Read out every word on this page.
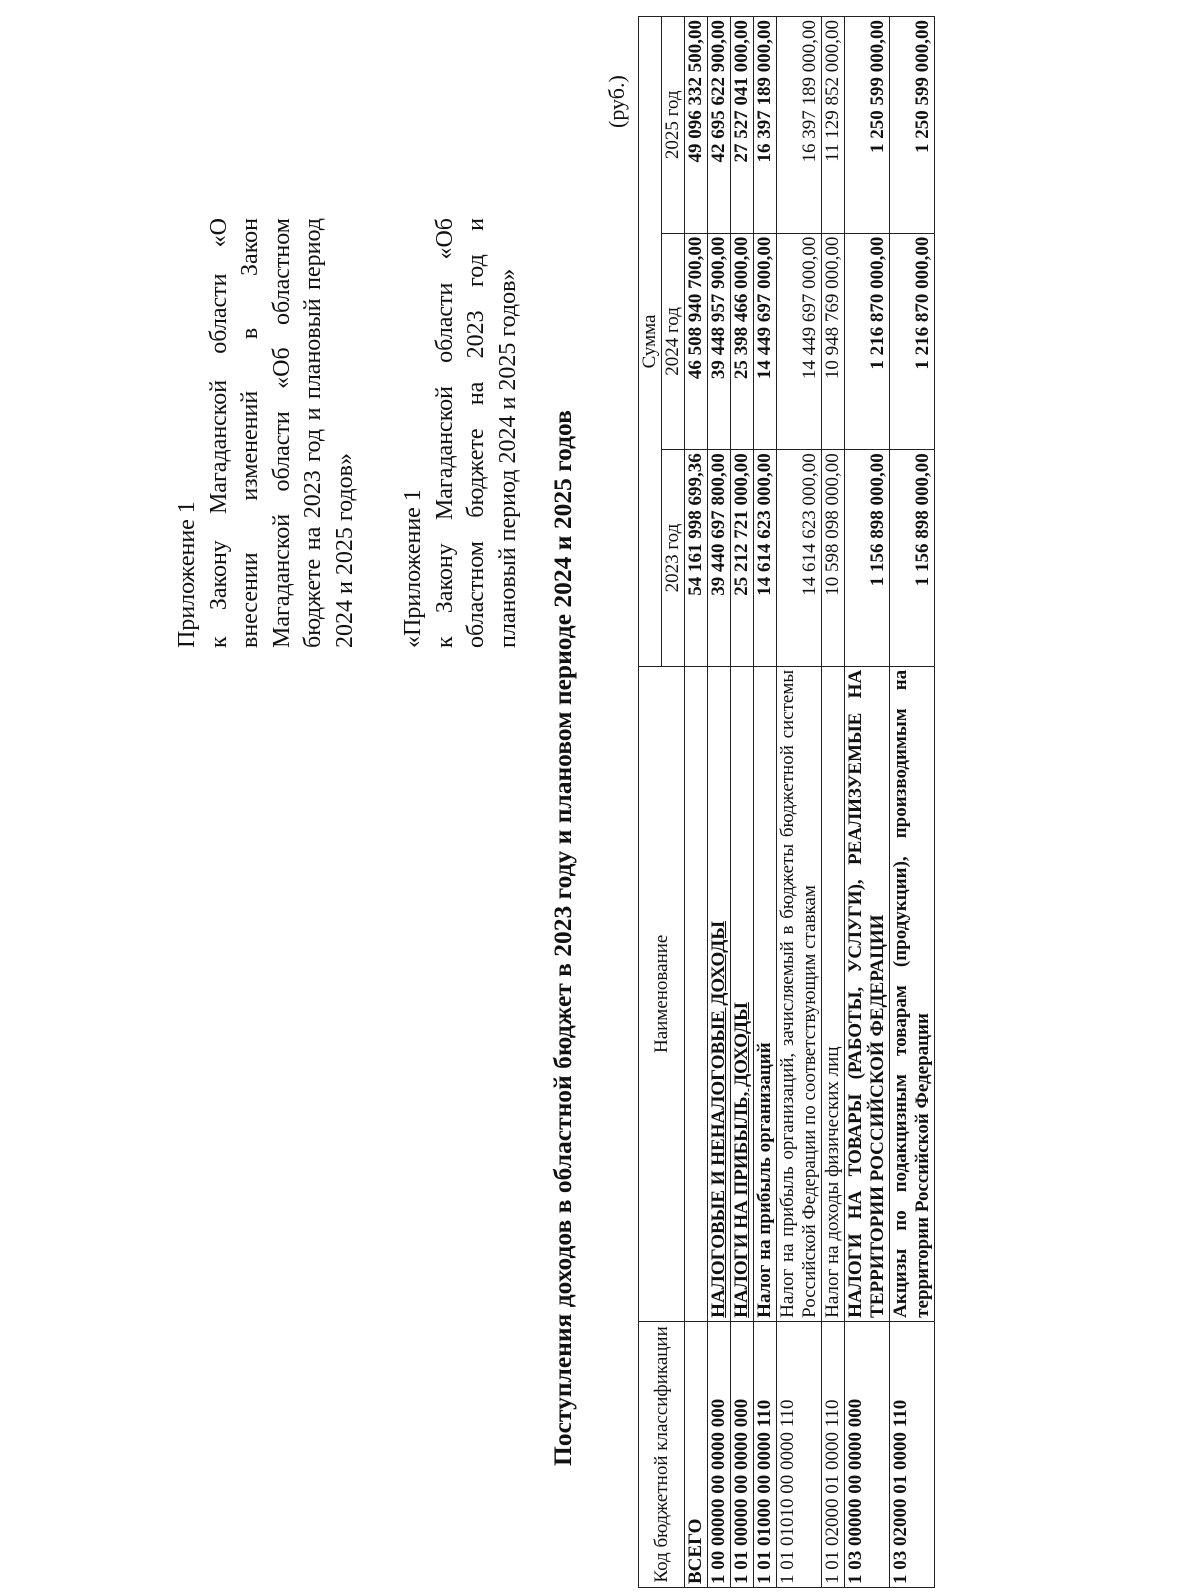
Приложение 1 к Закону Магаданской области «О внесении изменений в Закон Магаданской области «Об областном бюджете на 2023 год и плановый период 2024 и 2025 годов» «Приложение 1 к Закону Магаданской области «Об областном бюджете на 2023 год и плановый период 2024 и 2025 годов» Поступления доходов в областной бюджет в 2023 году и плановом периоде 2024 и 2025 годов
(руб.)
Код бюджетной классификации	Наименование	Сумма		
		2023 год	2024 год	2025 год
ВСЕГО		54 161 998 699,36	46 508 940 700,00	49 096 332 500,00
1 00 00000 00 0000 000	НАЛОГОВЫЕ И НЕНАЛОГОВЫЕ ДОХОДЫ	39 440 697 800,00	39 448 957 900,00	42 695 622 900,00
1 01 00000 00 0000 000	НАЛОГИ НА ПРИБЫЛЬ, ДОХОДЫ	25 212 721 000,00	25 398 466 000,00	27 527 041 000,00
1 01 01000 00 0000 110	Налог на прибыль организаций	14 614 623 000,00	14 449 697 000,00	16 397 189 000,00
1 01 01010 00 0000 110	Налог на прибыль организаций, зачисляемый в бюджеты бюджетной системы Российской Федерации по соответствующим ставкам	14 614 623 000,00	14 449 697 000,00	16 397 189 000,00
1 01 02000 01 0000 110	Налог на доходы физических лиц	10 598 098 000,00	10 948 769 000,00	11 129 852 000,00
1 03 00000 00 0000 000	НАЛОГИ НА ТОВАРЫ (РАБОТЫ, УСЛУГИ), РЕАЛИЗУЕМЫЕ НА ТЕРРИТОРИИ РОССИЙСКОЙ ФЕДЕРАЦИИ	1 156 898 000,00	1 216 870 000,00	1 250 599 000,00
1 03 02000 01 0000 110	Акцизы по подакцизным товарам (продукции), производимым на территории Российской Федерации	1 156 898 000,00	1 216 870 000,00	1 250 599 000,00
